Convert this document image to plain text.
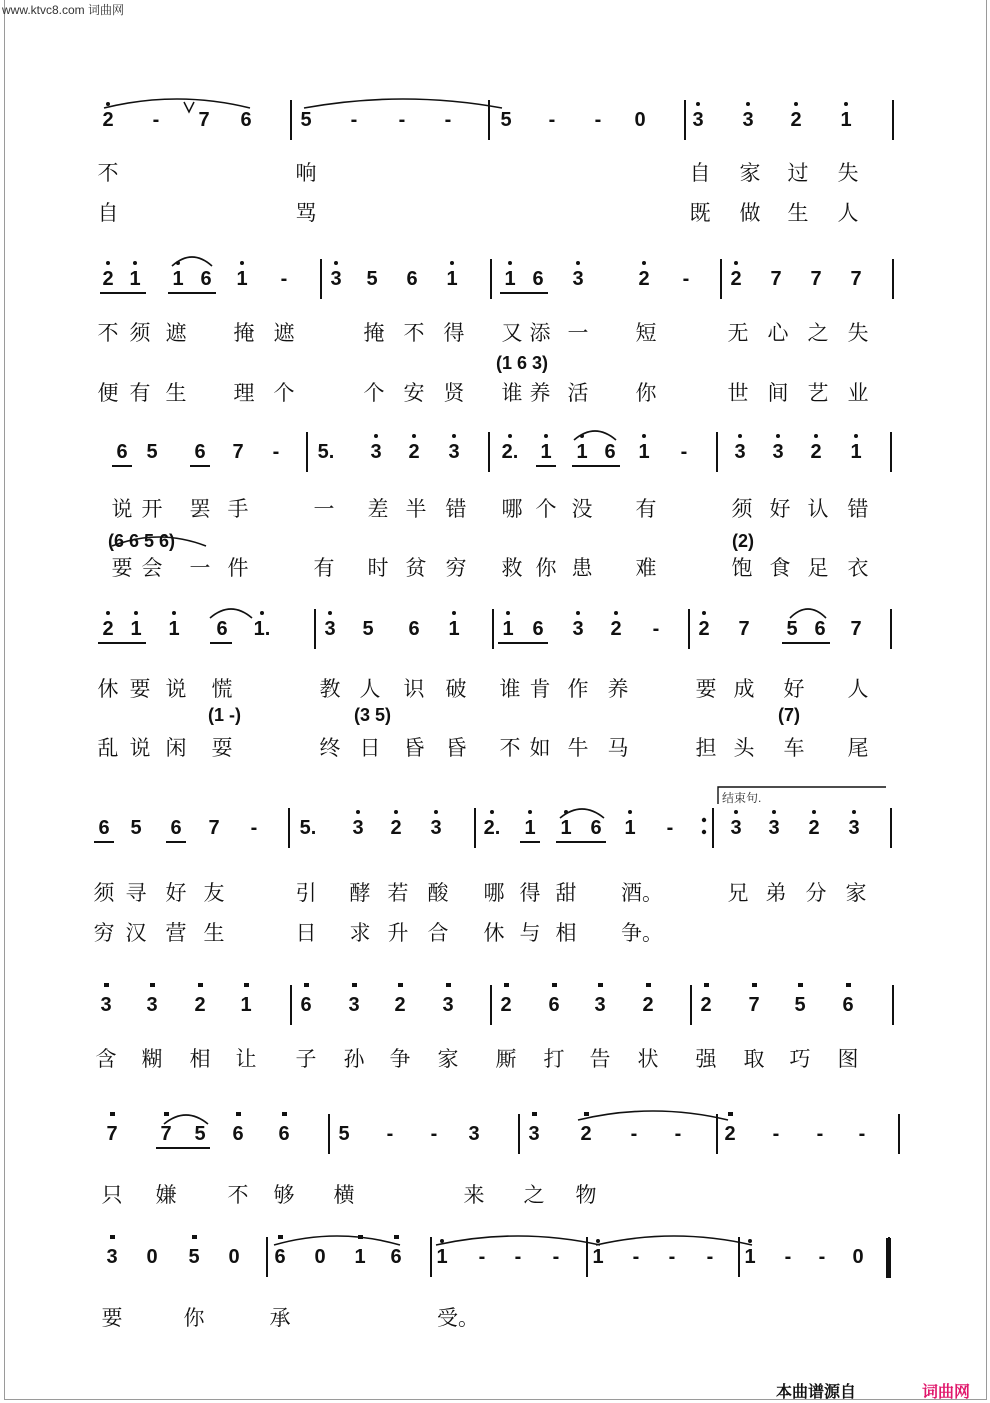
www.ktvc8.com 词曲网
2	-	7	6	5	-	-	-	5	-	-	0	3	3	2	1
不	响	自 家 过 失
自	骂	既 做 生 人
2 1	1 6	1	-	3	5	6	1	1 6	3	2	-	2	7	7	7
不 须 遮 掩 遮	掩 不 得 又 添 一 短	无 心 之 失
便 有 生 理 个	个 安 贤 谁 养 活 你	世 间 艺 业
(1 6 3)
6 5	6	7	-	5.	3	2	3	2.	1	1 6	1	-	3	3	2	1
说 开 罢 手	一 差 半 错 哪 个 没 有	须 好 认 错
要 会 一 件	有 时 贫 穷 救 你 患 难	饱 食 足 衣
(6 6 5 6)	(2)
2 1	1	6	1.	3	5	6	1	1 6	3	2	-	2	7	5 6	7
休 要 说 慌	教 人 识 破 谁 肯 作 养	要 成 好 人
乱 说 闲 耍	终 日 昏 昏 不 如 牛 马	担 头 车 尾
(1 -)	(3 5)	(7)
6	5	6	7	-	5.	3	2	3	2.	1	1 6	1	-	3	3	2	3
须 寻 好 友	引 酵 若 酸 哪 得 甜 酒。	兄 弟 分 家
穷 汉 营 生	日 求 升 合 休 与 相 争。
3	3	2	1	6	3	2	3	2	6	3	2	2	7	5	6
含 糊 相 让 子 孙 争 家 厮 打 告 状 强 取 巧 图
7	7	5	6	6	5	-	-	3	3	2	-	-	2	-	-	-
只 嫌 不 够 横	来 之 物
3	0	5	0	6	0	1	6	1	-	-	-	1	-	-	-	1	-	-	0
要	你	承	受。
结束句.
本曲谱源自	词曲网
